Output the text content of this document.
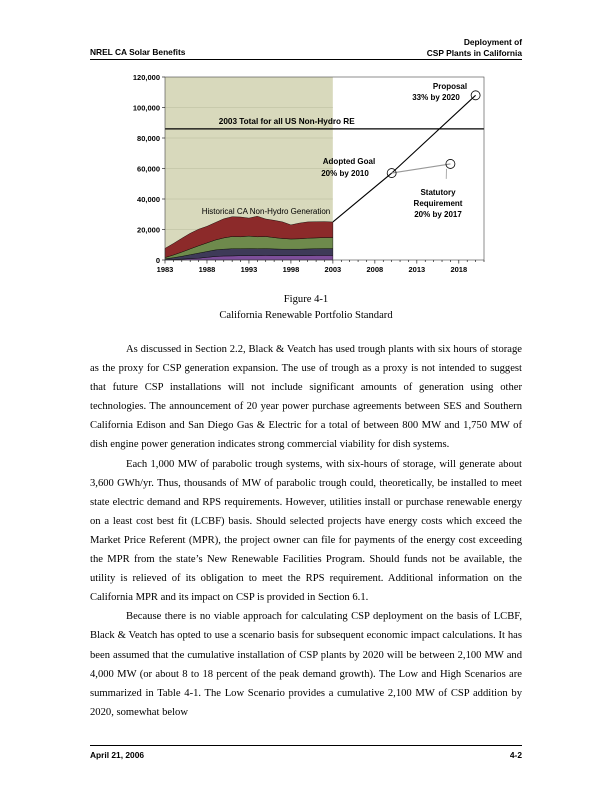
NREL CA Solar Benefits
Deployment of
CSP Plants in California
2003 Total for all US Non-Hydro RE
0
20,000
40,000
60,000
80,000
100,000
120,000
1983	1988	1993	1998	2003	2008	2013	2018
Proposal
33% by 2020
Adopted Goal
20% by 2010
Statutory
Requirement
20% by 2017
Historical CA Non-Hydro Generation
Figure 4-1
California Renewable Portfolio Standard

As discussed in Section 2.2, Black & Veatch has used trough plants with six hours of storage as the proxy for CSP generation expansion. The use of trough as a proxy is not intended to suggest that future CSP installations will not include significant amounts of generation using other technologies. The announcement of 20 year power purchase agreements between SES and Southern California Edison and San Diego Gas & Electric for a total of between 800 MW and 1,750 MW of dish engine power generation indicates strong commercial viability for dish systems.

Each 1,000 MW of parabolic trough systems, with six-hours of storage, will generate about 3,600 GWh/yr. Thus, thousands of MW of parabolic trough could, theoretically, be installed to meet state electric demand and RPS requirements. However, utilities install or purchase renewable energy on a least cost best fit (LCBF) basis. Should selected projects have energy costs which exceed the Market Price Referent (MPR), the project owner can file for payments of the energy cost exceeding the MPR from the state’s New Renewable Facilities Program. Should funds not be available, the utility is relieved of its obligation to meet the RPS requirement. Additional information on the California MPR and its impact on CSP is provided in Section 6.1.

Because there is no viable approach for calculating CSP deployment on the basis of LCBF, Black & Veatch has opted to use a scenario basis for subsequent economic impact calculations. It has been assumed that the cumulative installation of CSP plants by 2020 will be between 2,100 MW and 4,000 MW (or about 8 to 18 percent of the peak demand growth). The Low and High Scenarios are summarized in Table 4-1. The Low Scenario provides a cumulative 2,100 MW of CSP addition by 2020, somewhat below

April 21, 2006	4-2
